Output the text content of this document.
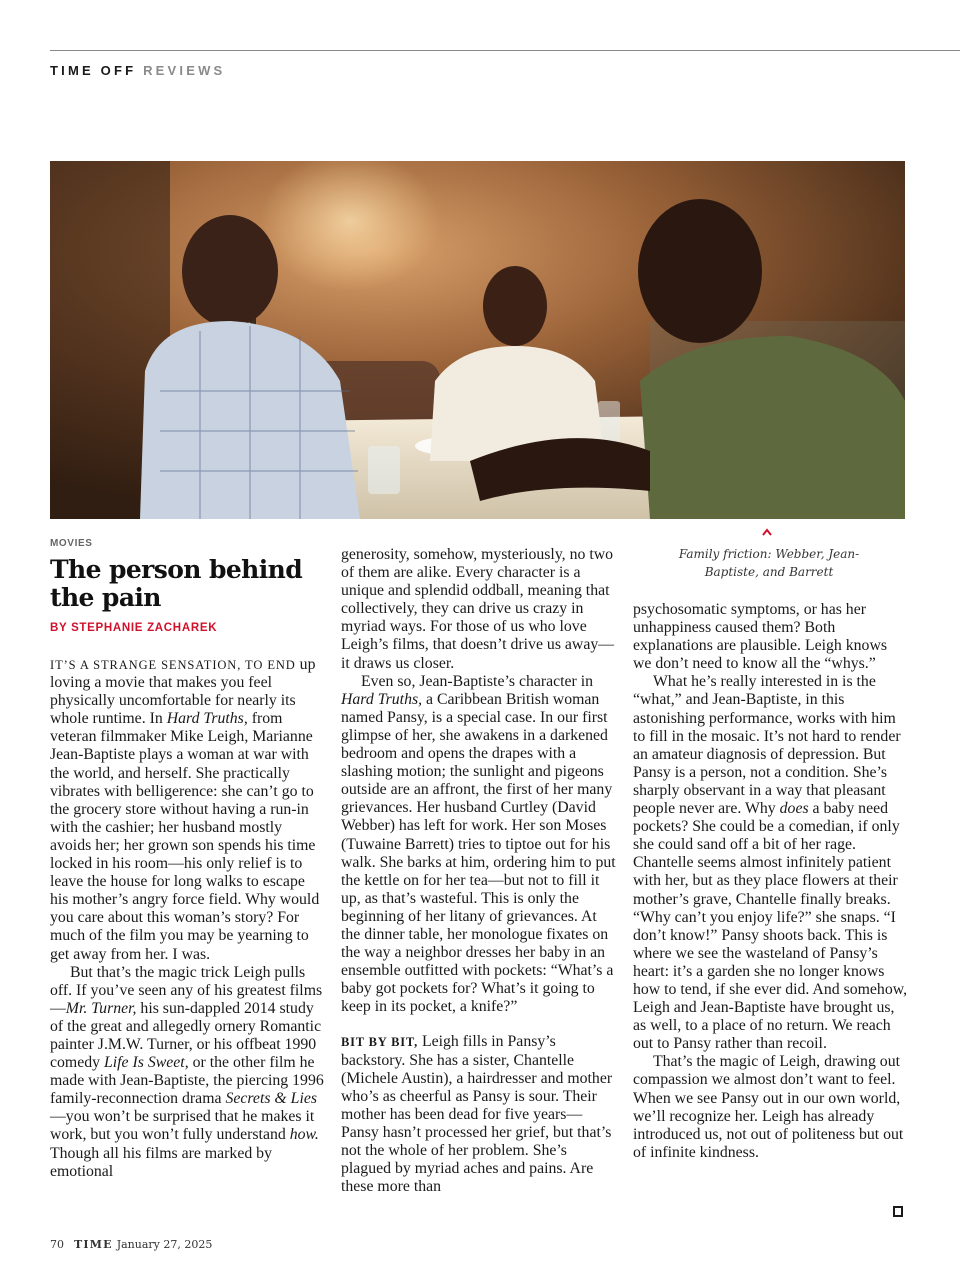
TIME OFF REVIEWS
Family friction: Webber, Jean-Baptiste, and Barrett
MOVIES
The person behind the pain
BY STEPHANIE ZACHAREK

IT’S A STRANGE SENSATION, TO END up loving a movie that makes you feel physically uncomfortable for nearly its whole runtime. In Hard Truths, from veteran filmmaker Mike Leigh, Marianne Jean-Baptiste plays a woman at war with the world, and herself. She practically vibrates with belligerence: she can’t go to the grocery store without having a run-in with the cashier; her husband mostly avoids her; her grown son spends his time locked in his room—his only relief is to leave the house for long walks to escape his mother’s angry force field. Why would you care about this woman’s story? For much of the film you may be yearning to get away from her. I was.

But that’s the magic trick Leigh pulls off. If you’ve seen any of his greatest films—Mr. Turner, his sun-dappled 2014 study of the great and allegedly ornery Romantic painter J.M.W. Turner, or his offbeat 1990 comedy Life Is Sweet, or the other film he made with Jean-Baptiste, the piercing 1996 family-reconnection drama Secrets & Lies—you won’t be surprised that he makes it work, but you won’t fully understand how. Though all his films are marked by emotional

generosity, somehow, mysteriously, no two of them are alike. Every character is a unique and splendid oddball, meaning that collectively, they can drive us crazy in myriad ways. For those of us who love Leigh’s films, that doesn’t drive us away—it draws us closer.

Even so, Jean-Baptiste’s character in Hard Truths, a Caribbean British woman named Pansy, is a special case. In our first glimpse of her, she awakens in a darkened bedroom and opens the drapes with a slashing motion; the sunlight and pigeons outside are an affront, the first of her many grievances. Her husband Curtley (David Webber) has left for work. Her son Moses (Tuwaine Barrett) tries to tiptoe out for his walk. She barks at him, ordering him to put the kettle on for her tea—but not to fill it up, as that’s wasteful. This is only the beginning of her litany of grievances. At the dinner table, her monologue fixates on the way a neighbor dresses her baby in an ensemble outfitted with pockets: “What’s a baby got pockets for? What’s it going to keep in its pocket, a knife?”

BIT BY BIT, Leigh fills in Pansy’s backstory. She has a sister, Chantelle (Michele Austin), a hairdresser and mother who’s as cheerful as Pansy is sour. Their mother has been dead for five years—Pansy hasn’t processed her grief, but that’s not the whole of her problem. She’s plagued by myriad aches and pains. Are these more than

psychosomatic symptoms, or has her unhappiness caused them? Both explanations are plausible. Leigh knows we don’t need to know all the “whys.”

What he’s really interested in is the “what,” and Jean-Baptiste, in this astonishing performance, works with him to fill in the mosaic. It’s not hard to render an amateur diagnosis of depression. But Pansy is a person, not a condition. She’s sharply observant in a way that pleasant people never are. Why does a baby need pockets? She could be a comedian, if only she could sand off a bit of her rage. Chantelle seems almost infinitely patient with her, but as they place flowers at their mother’s grave, Chantelle finally breaks. “Why can’t you enjoy life?” she snaps. “I don’t know!” Pansy shoots back. This is where we see the wasteland of Pansy’s heart: it’s a garden she no longer knows how to tend, if she ever did. And somehow, Leigh and Jean-Baptiste have brought us, as well, to a place of no return. We reach out to Pansy rather than recoil.

That’s the magic of Leigh, drawing out compassion we almost don’t want to feel. When we see Pansy out in our own world, we’ll recognize her. Leigh has already introduced us, not out of politeness but out of infinite kindness.

70 TIME January 27, 2025
